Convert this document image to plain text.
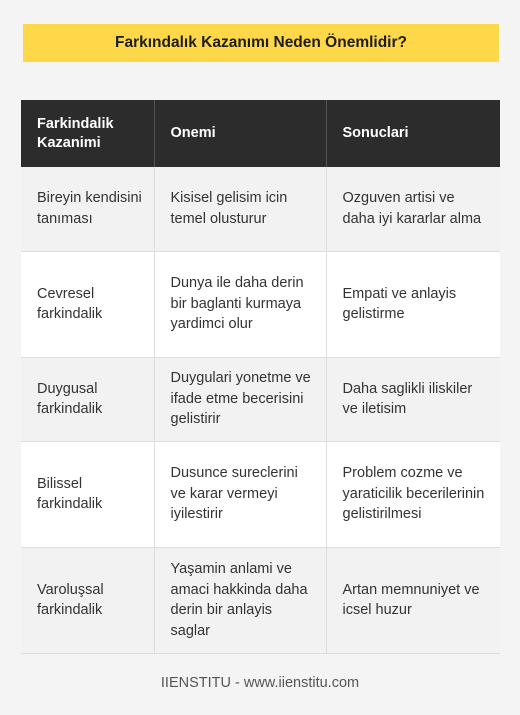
Farkındalık Kazanımı Neden Önemlidir?
Farkindalik Kazanimi	Onemi	Sonuclari
Bireyin kendisini tanıması	Kisisel gelisim icin temel olusturur	Ozguven artisi ve daha iyi kararlar alma
Cevresel farkindalik	Dunya ile daha derin bir baglanti kurmaya yardimci olur	Empati ve anlayis gelistirme
Duygusal farkindalik	Duygulari yonetme ve ifade etme becerisini gelistirir	Daha saglikli iliskiler ve iletisim
Bilissel farkindalik	Dusunce sureclerini ve karar vermeyi iyilestirir	Problem cozme ve yaraticilik becerilerinin gelistirilmesi
Varoluşsal farkindalik	Yaşamin anlami ve amaci hakkinda daha derin bir anlayis saglar	Artan memnuniyet ve icsel huzur
IIENSTITU - www.iienstitu.com
